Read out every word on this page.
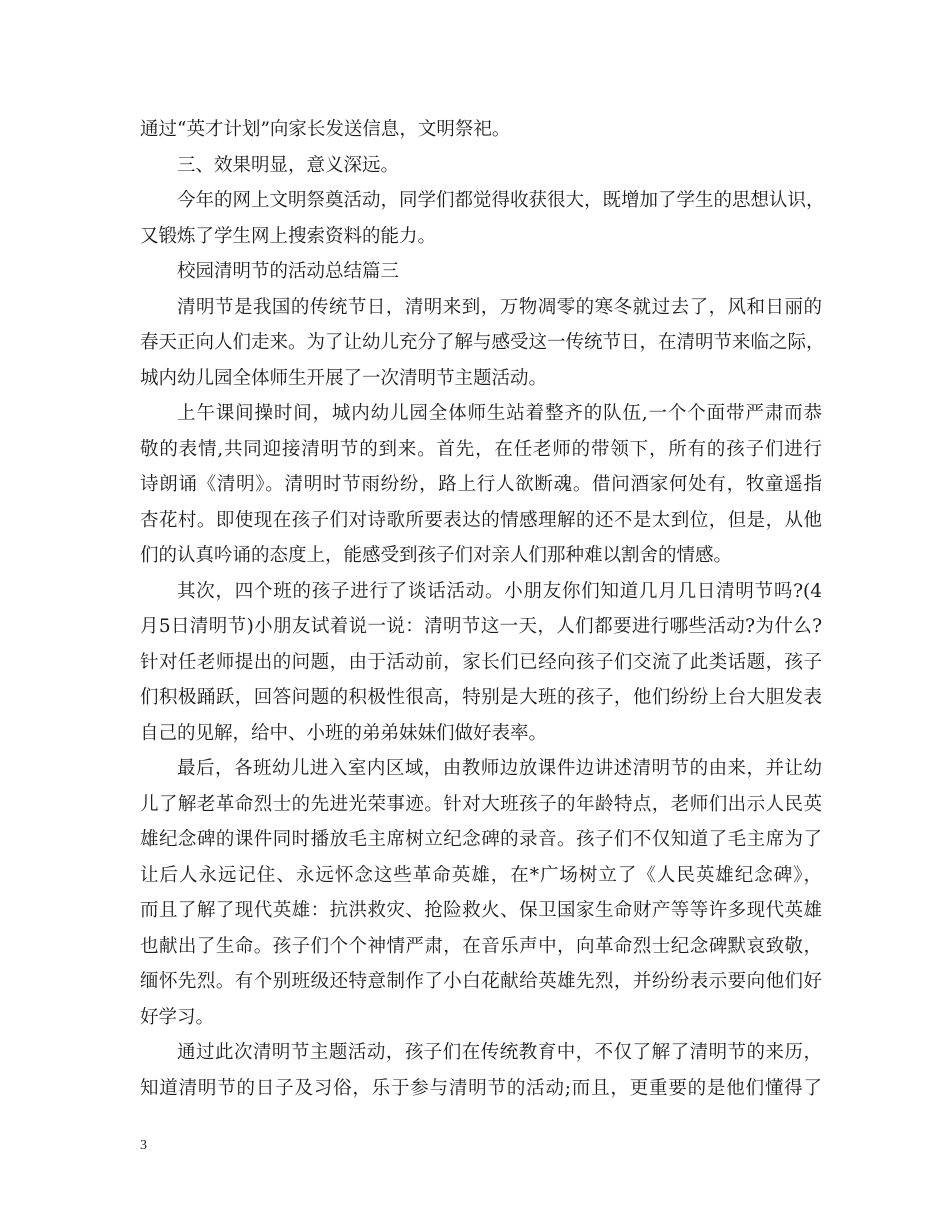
通过“英才计划”向家长发送信息，文明祭祀。
三、效果明显，意义深远。
今年的网上文明祭奠活动，同学们都觉得收获很大，既增加了学生的思想认识，
又锻炼了学生网上搜索资料的能力。
校园清明节的活动总结篇三
清明节是我国的传统节日，清明来到，万物凋零的寒冬就过去了，风和日丽的
春天正向人们走来。为了让幼儿充分了解与感受这一传统节日，在清明节来临之际，
城内幼儿园全体师生开展了一次清明节主题活动。
上午课间操时间，城内幼儿园全体师生站着整齐的队伍,一个个面带严肃而恭
敬的表情,共同迎接清明节的到来。首先，在任老师的带领下，所有的孩子们进行
诗朗诵《清明》。清明时节雨纷纷，路上行人欲断魂。借问酒家何处有，牧童遥指
杏花村。即使现在孩子们对诗歌所要表达的情感理解的还不是太到位，但是，从他
们的认真吟诵的态度上，能感受到孩子们对亲人们那种难以割舍的情感。
其次，四个班的孩子进行了谈话活动。小朋友你们知道几月几日清明节吗?(4
月5日清明节)小朋友试着说一说：清明节这一天，人们都要进行哪些活动?为什么?
针对任老师提出的问题，由于活动前，家长们已经向孩子们交流了此类话题，孩子
们积极踊跃，回答问题的积极性很高，特别是大班的孩子，他们纷纷上台大胆发表
自己的见解，给中、小班的弟弟妹妹们做好表率。
最后，各班幼儿进入室内区域，由教师边放课件边讲述清明节的由来，并让幼
儿了解老革命烈士的先进光荣事迹。针对大班孩子的年龄特点，老师们出示人民英
雄纪念碑的课件同时播放毛主席树立纪念碑的录音。孩子们不仅知道了毛主席为了
让后人永远记住、永远怀念这些革命英雄，在*广场树立了《人民英雄纪念碑》，
而且了解了现代英雄：抗洪救灾、抢险救火、保卫国家生命财产等等许多现代英雄
也献出了生命。孩子们个个神情严肃，在音乐声中，向革命烈士纪念碑默哀致敬，
缅怀先烈。有个别班级还特意制作了小白花献给英雄先烈，并纷纷表示要向他们好
好学习。
通过此次清明节主题活动，孩子们在传统教育中，不仅了解了清明节的来历，
知道清明节的日子及习俗，乐于参与清明节的活动;而且，更重要的是他们懂得了
3
